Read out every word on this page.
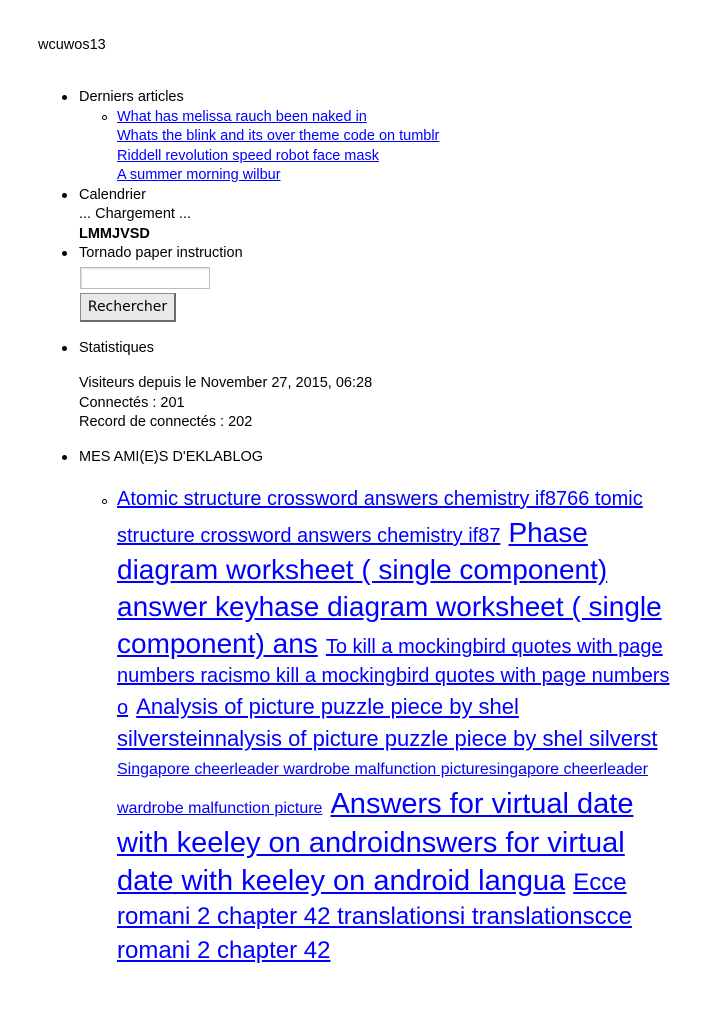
wcuwos13
Derniers articles
What has melissa rauch been naked in
Whats the blink and its over theme code on tumblr
Riddell revolution speed robot face mask
A summer morning wilbur
Calendrier
... Chargement ...
LMMJVSD
Tornado paper instruction
Rechercher
Statistiques
Visiteurs depuis le November 27, 2015, 06:28
Connectés : 201
Record de connectés : 202
MES AMI(E)S D'EKLABLOG
Atomic structure crossword answers chemistry if8766 tomic structure crossword answers chemistry if87 Phase diagram worksheet ( single component) answer keyhase diagram worksheet ( single component) ans To kill a mockingbird quotes with page numbers racismo kill a mockingbird quotes with page numbers o Analysis of picture puzzle piece by shel silversteinnalysis of picture puzzle piece by shel silverst Singapore cheerleader wardrobe malfunction picturesingapore cheerleader wardrobe malfunction picture Answers for virtual date with keeley on androidnswers for virtual date with keeley on android langua Ecce romani 2 chapter 42 translationsi translationscce romani 2 chapter 42
